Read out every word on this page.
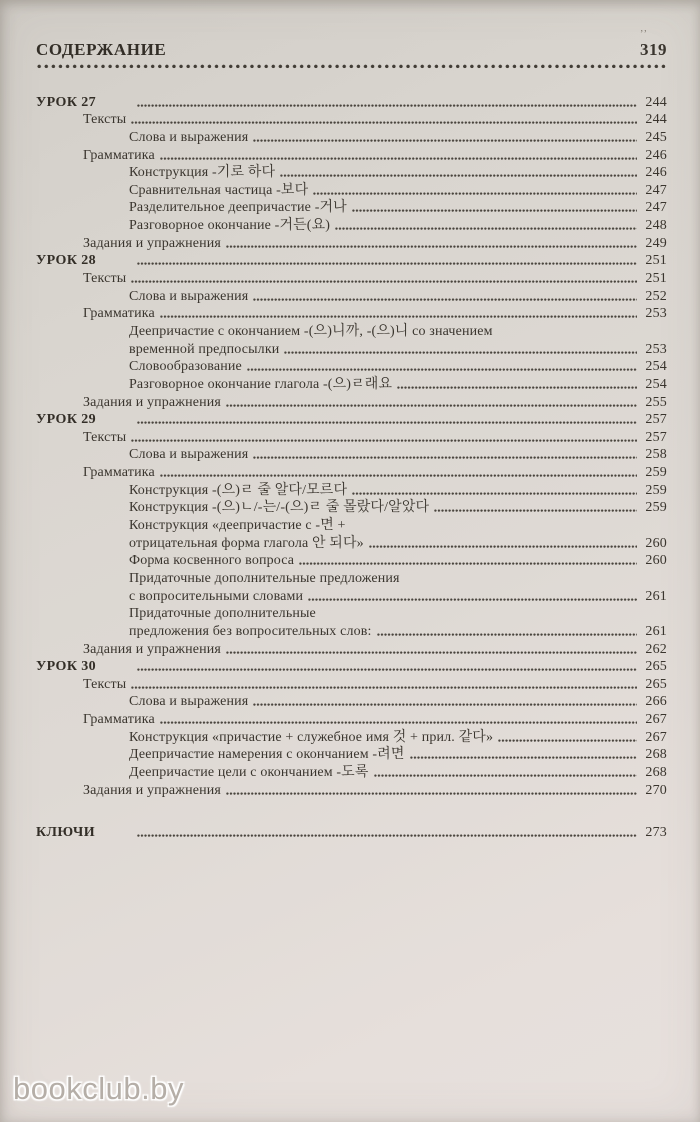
СОДЕРЖАНИЕ
’’
319
УРОК 27	244
Тексты	244
Слова и выражения	245
Грамматика	246
Конструкция -기로 하다	246
Сравнительная частица -보다	247
Разделительное деепричастие -거나	247
Разговорное окончание -거든(요)	248
Задания и упражнения	249
УРОК 28	251
Тексты	251
Слова и выражения	252
Грамматика	253
Деепричастие с окончанием -(으)니까, -(으)니 со значением
временной предпосылки	253
Словообразование	254
Разговорное окончание глагола -(으)ㄹ래요	254
Задания и упражнения	255
УРОК 29	257
Тексты	257
Слова и выражения	258
Грамматика	259
Конструкция -(으)ㄹ 줄 알다/모르다	259
Конструкция -(으)ㄴ/-는/-(으)ㄹ 줄 몰랐다/알았다	259
Конструкция «деепричастие с -면 +
отрицательная форма глагола 안 되다»	260
Форма косвенного вопроса	260
Придаточные дополнительные предложения
с вопросительными словами	261
Придаточные дополнительные
предложения без вопросительных слов:	261
Задания и упражнения	262
УРОК 30	265
Тексты	265
Слова и выражения	266
Грамматика	267
Конструкция «причастие + служебное имя 것 + прил. 같다»	267
Деепричастие намерения с окончанием -려면	268
Деепричастие цели с окончанием -도록	268
Задания и упражнения	270
КЛЮЧИ	273
bookclub.by
